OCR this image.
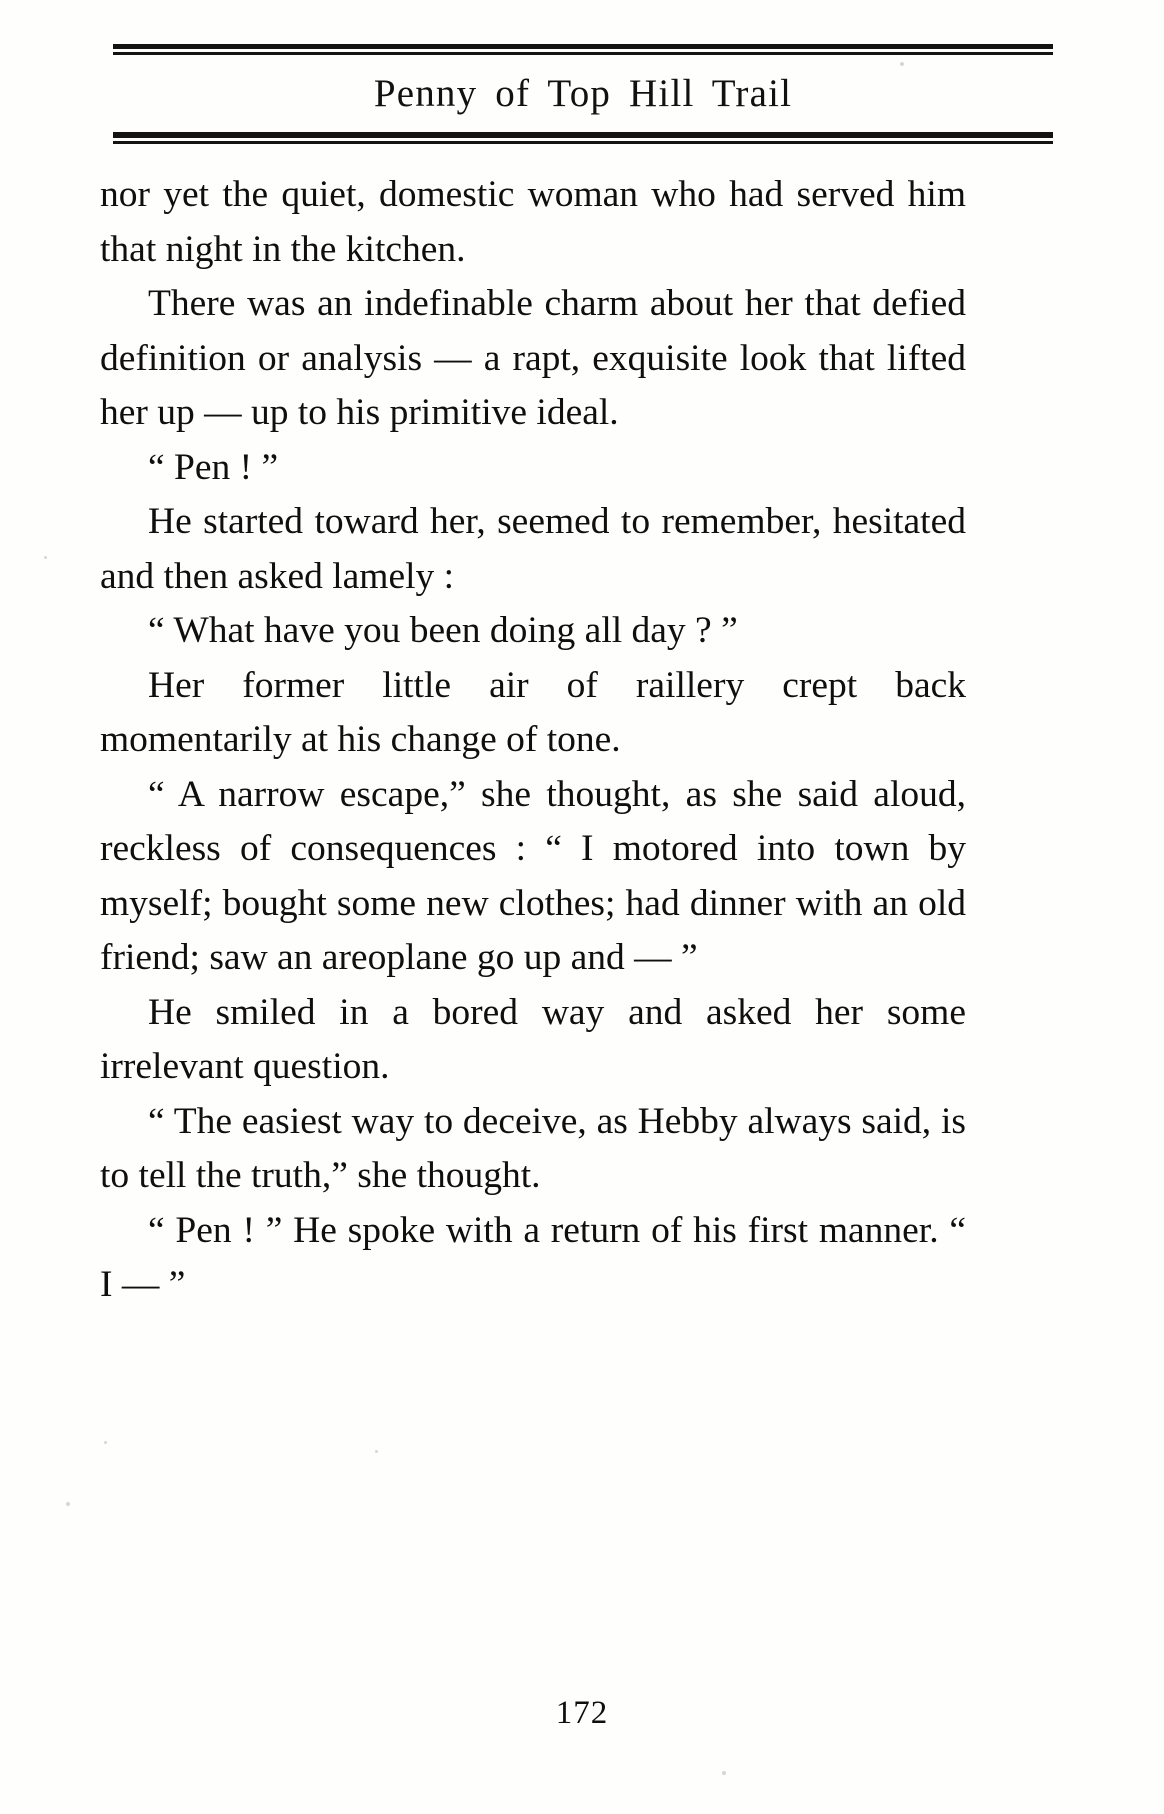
Penny of Top Hill Trail

nor yet the quiet, domestic woman who had served him that night in the kitchen.

There was an indefinable charm about her that defied definition or analysis — a rapt, exquisite look that lifted her up — up to his primitive ideal.

“ Pen ! ”

He started toward her, seemed to remember, hesitated and then asked lamely :

“ What have you been doing all day ? ”

Her former little air of raillery crept back momentarily at his change of tone.

“ A narrow escape,” she thought, as she said aloud, reckless of consequences : “ I motored into town by myself; bought some new clothes; had dinner with an old friend; saw an areoplane go up and — ”

He smiled in a bored way and asked her some irrelevant question.

“ The easiest way to deceive, as Hebby always said, is to tell the truth,” she thought.

“ Pen ! ” He spoke with a return of his first manner. “ I — ”

172
